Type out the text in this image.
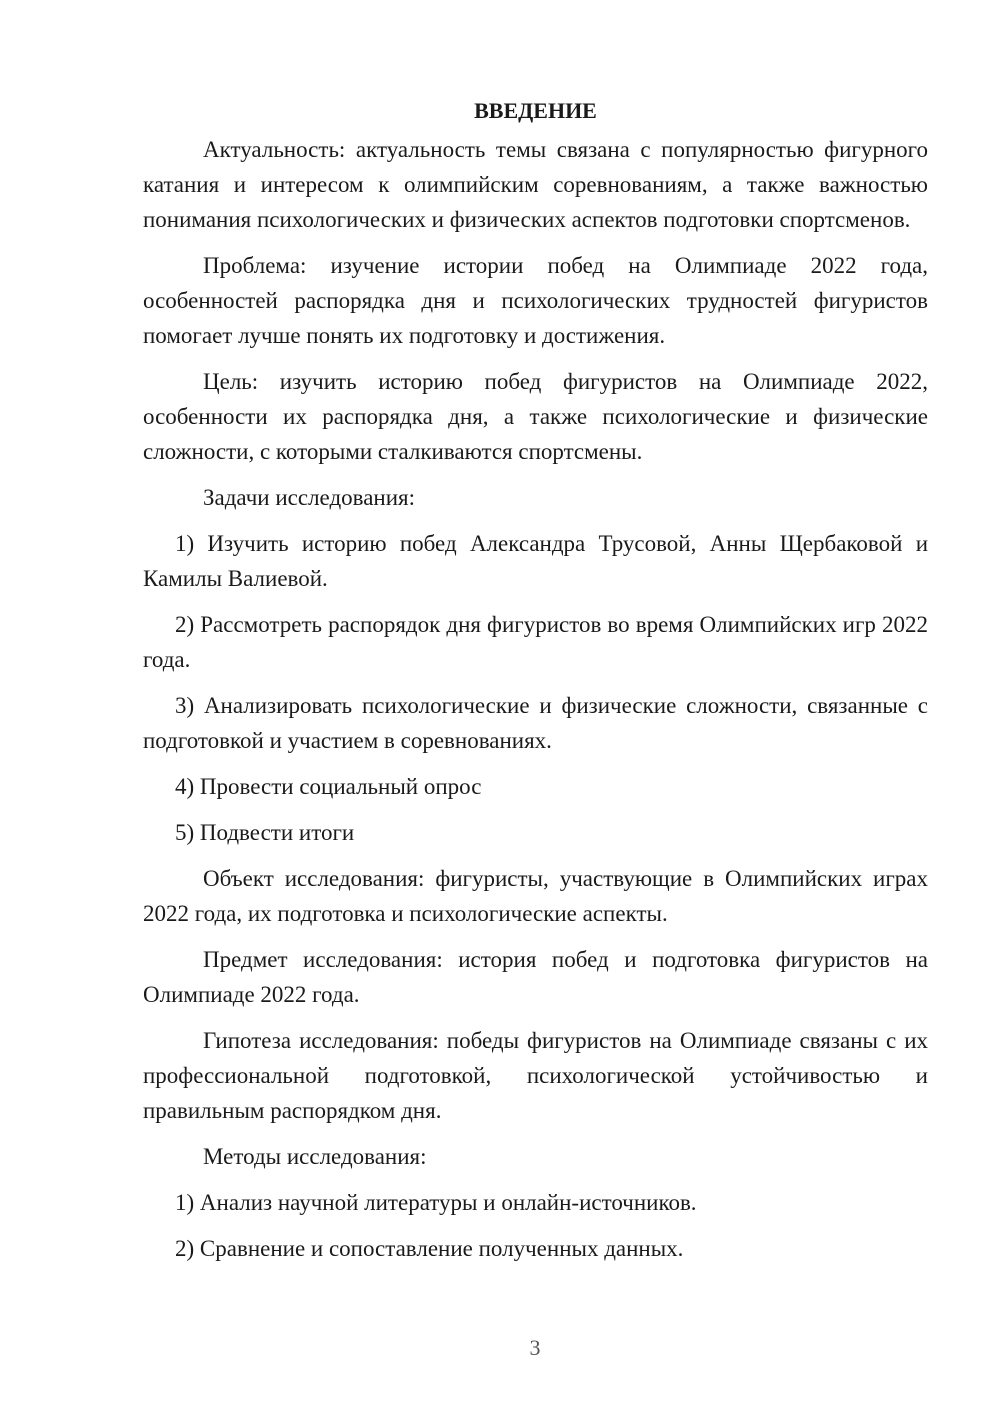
ВВЕДЕНИЕ

Актуальность: актуальность темы связана с популярностью фигурного катания и интересом к олимпийским соревнованиям, а также важностью понимания психологических и физических аспектов подготовки спортсменов.

Проблема: изучение истории побед на Олимпиаде 2022 года, особенностей распорядка дня и психологических трудностей фигуристов помогает лучше понять их подготовку и достижения.

Цель: изучить историю побед фигуристов на Олимпиаде 2022, особенности их распорядка дня, а также психологические и физические сложности, с которыми сталкиваются спортсмены.

Задачи исследования:

1) Изучить историю побед Александра Трусовой, Анны Щербаковой и Камилы Валиевой.

2) Рассмотреть распорядок дня фигуристов во время Олимпийских игр 2022 года.

3) Анализировать психологические и физические сложности, связанные с подготовкой и участием в соревнованиях.

4) Провести социальный опрос

5) Подвести итоги

Объект исследования: фигуристы, участвующие в Олимпийских играх 2022 года, их подготовка и психологические аспекты.

Предмет исследования: история побед и подготовка фигуристов на Олимпиаде 2022 года.

Гипотеза исследования: победы фигуристов на Олимпиаде связаны с их профессиональной подготовкой, психологической устойчивостью и правильным распорядком дня.

Методы исследования:

1) Анализ научной литературы и онлайн-источников.

2) Сравнение и сопоставление полученных данных.

3
